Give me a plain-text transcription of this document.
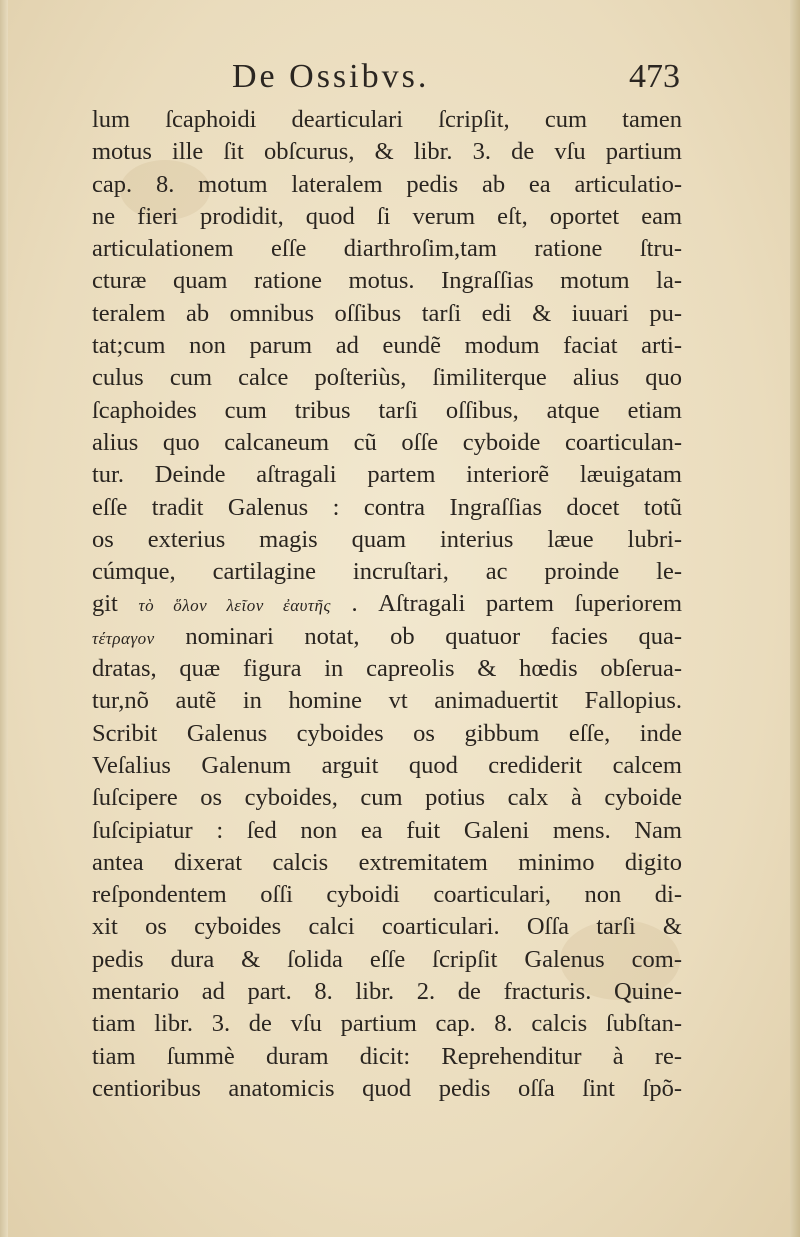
De Ossibvs.	473
lum ſcaphoidi dearticulari ſcripſit, cum tamen
motus ille ſit obſcurus, & libr. 3. de vſu partium
cap. 8. motum lateralem pedis ab ea articulatio-
ne fieri prodidit, quod ſi verum eſt, oportet eam
articulationem eſſe diarthroſim,tam ratione ſtru-
cturæ quam ratione motus. Ingraſſias motum la-
teralem ab omnibus oſſibus tarſi edi & iuuari pu-
tat;cum non parum ad eundẽ modum faciat arti-
culus cum calce poſteriùs, ſimiliterque alius quo
ſcaphoides cum tribus tarſi oſſibus, atque etiam
alius quo calcaneum cũ oſſe cyboide coarticulan-
tur. Deinde aſtragali partem interiorẽ læuigatam
eſſe tradit Galenus : contra Ingraſſias docet totũ
os exterius magis quam interius læue lubri-
cúmque, cartilagine incruſtari, ac proinde le-
git τὸ ὅλον λεῖον ἐαυτῆς . Aſtragali partem ſuperiorem
τέτραγον nominari notat, ob quatuor facies qua-
dratas, quæ figura in capreolis & hœdis obſerua-
tur,nõ autẽ in homine vt animaduertit Fallopius.
Scribit Galenus cyboides os gibbum eſſe, inde
Veſalius Galenum arguit quod crediderit calcem
ſuſcipere os cyboides, cum potius calx à cyboide
ſuſcipiatur : ſed non ea fuit Galeni mens. Nam
antea dixerat calcis extremitatem minimo digito
reſpondentem oſſi cyboidi coarticulari, non di-
xit os cyboides calci coarticulari. Oſſa tarſi &
pedis dura & ſolida eſſe ſcripſit Galenus com-
mentario ad part. 8. libr. 2. de fracturis. Quine-
tiam libr. 3. de vſu partium cap. 8. calcis ſubſtan-
tiam ſummè duram dicit: Reprehenditur à re-
centioribus anatomicis quod pedis oſſa ſint ſpõ-
